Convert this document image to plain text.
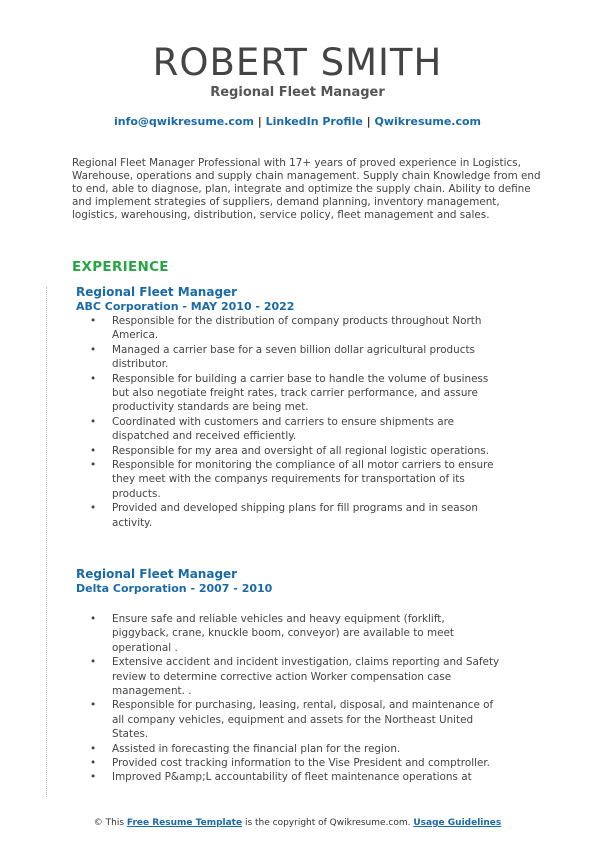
ROBERT SMITH
Regional Fleet Manager
info@qwikresume.com | LinkedIn Profile | Qwikresume.com
Regional Fleet Manager Professional with 17+ years of proved experience in Logistics, Warehouse, operations and supply chain management. Supply chain Knowledge from end to end, able to diagnose, plan, integrate and optimize the supply chain. Ability to define and implement strategies of suppliers, demand planning, inventory management, logistics, warehousing, distribution, service policy, fleet management and sales.
EXPERIENCE
Regional Fleet Manager
ABC Corporation - MAY 2010 - 2022
• Responsible for the distribution of company products throughout North America.
• Managed a carrier base for a seven billion dollar agricultural products distributor.
• Responsible for building a carrier base to handle the volume of business but also negotiate freight rates, track carrier performance, and assure productivity standards are being met.
• Coordinated with customers and carriers to ensure shipments are dispatched and received efficiently.
• Responsible for my area and oversight of all regional logistic operations.
• Responsible for monitoring the compliance of all motor carriers to ensure they meet with the companys requirements for transportation of its products.
• Provided and developed shipping plans for fill programs and in season activity.
Regional Fleet Manager
Delta Corporation - 2007 - 2010
• Ensure safe and reliable vehicles and heavy equipment (forklift, piggyback, crane, knuckle boom, conveyor) are available to meet operational .
• Extensive accident and incident investigation, claims reporting and Safety review to determine corrective action Worker compensation case management. .
• Responsible for purchasing, leasing, rental, disposal, and maintenance of all company vehicles, equipment and assets for the Northeast United States.
• Assisted in forecasting the financial plan for the region.
• Provided cost tracking information to the Vise President and comptroller.
• Improved P&amp;L accountability of fleet maintenance operations at
© This Free Resume Template is the copyright of Qwikresume.com. Usage Guidelines
